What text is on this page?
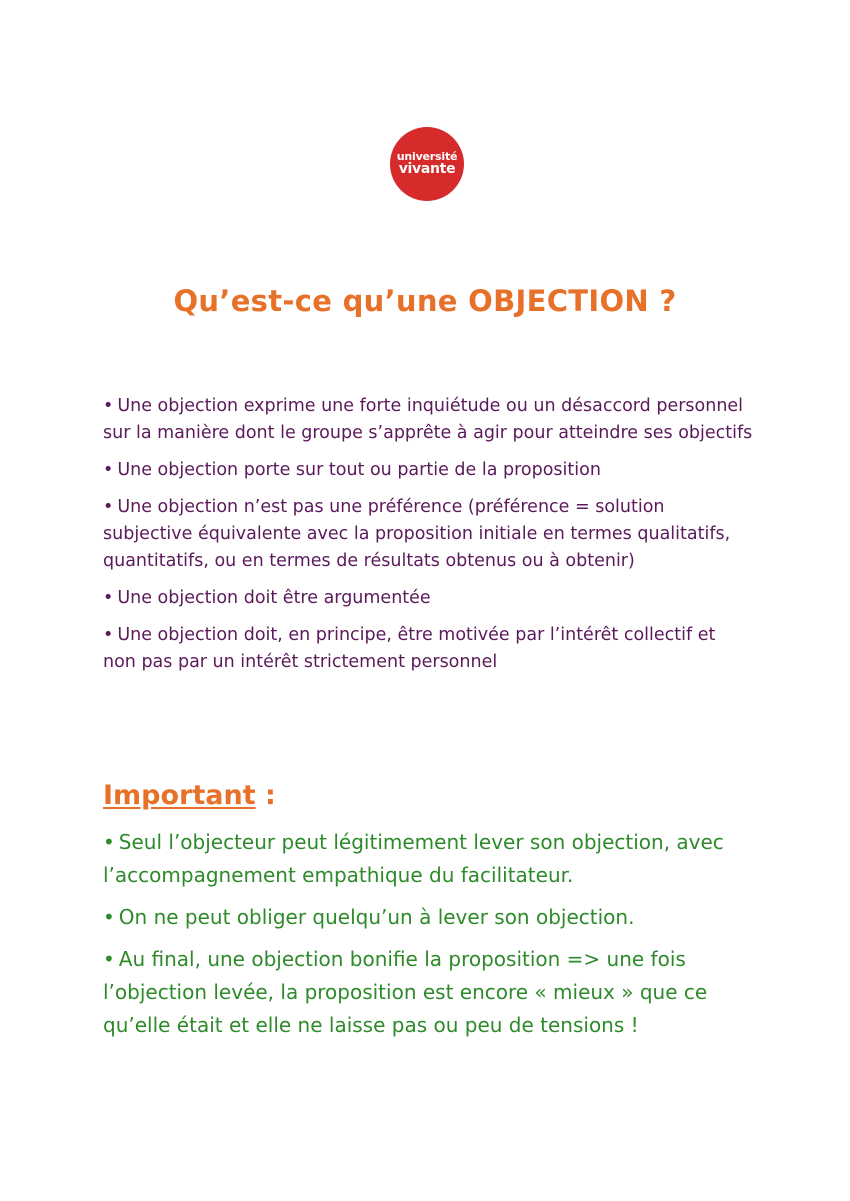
université
vivante
Qu’est-ce qu’une OBJECTION ?
• Une objection exprime une forte inquiétude ou un désaccord personnel sur la manière dont le groupe s’apprête à agir pour atteindre ses objectifs
• Une objection porte sur tout ou partie de la proposition
• Une objection n’est pas une préférence (préférence = solution subjective équivalente avec la proposition initiale en termes qualitatifs, quantitatifs, ou en termes de résultats obtenus ou à obtenir)
• Une objection doit être argumentée
• Une objection doit, en principe, être motivée par l’intérêt collectif et non pas par un intérêt strictement personnel
Important :
• Seul l’objecteur peut légitimement lever son objection, avec l’accompagnement empathique du facilitateur.
• On ne peut obliger quelqu’un à lever son objection.
• Au final, une objection bonifie la proposition => une fois l’objection levée, la proposition est encore « mieux » que ce qu’elle était et elle ne laisse pas ou peu de tensions !
